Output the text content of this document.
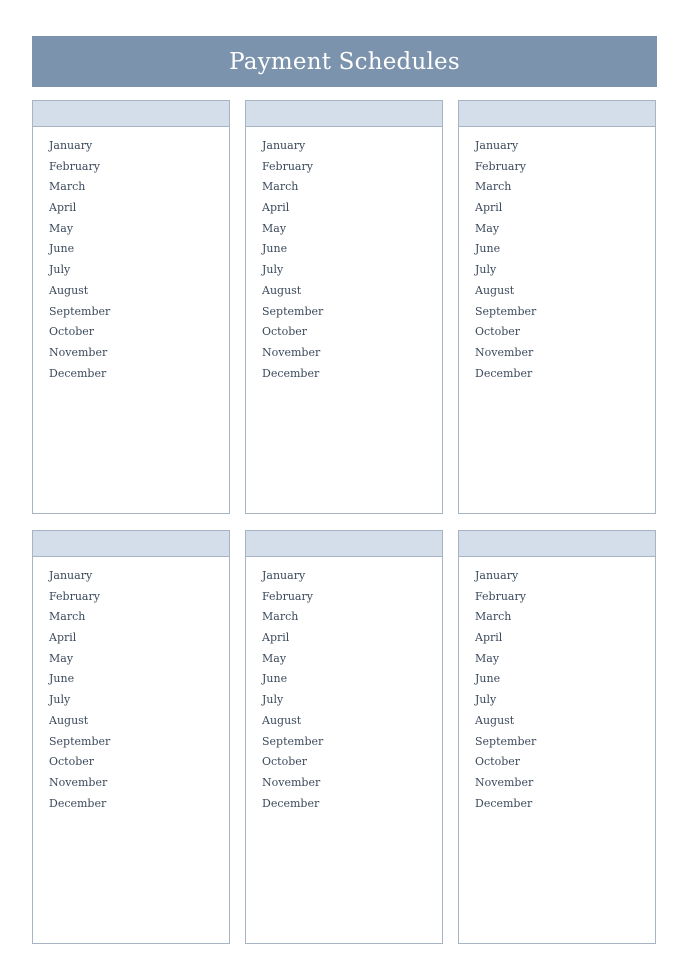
Payment Schedules
January
February
March
April
May
June
July
August
September
October
November
December
January
February
March
April
May
June
July
August
September
October
November
December
January
February
March
April
May
June
July
August
September
October
November
December
January
February
March
April
May
June
July
August
September
October
November
December
January
February
March
April
May
June
July
August
September
October
November
December
January
February
March
April
May
June
July
August
September
October
November
December
